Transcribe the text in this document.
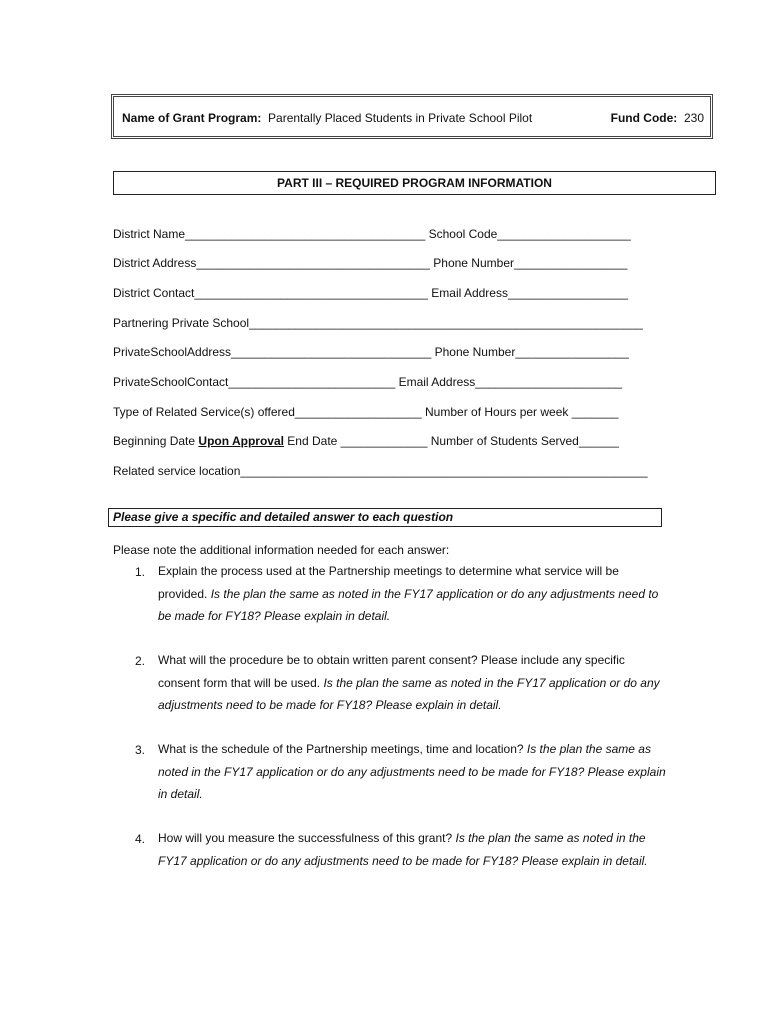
Name of Grant Program: Parentally Placed Students in Private School Pilot	Fund Code: 230
PART III – REQUIRED PROGRAM INFORMATION
District Name____________________________________ School Code____________________
District Address___________________________________ Phone Number_________________
District Contact___________________________________ Email Address__________________
Partnering Private School___________________________________________________________
PrivateSchoolAddress______________________________ Phone Number_________________
PrivateSchoolContact_________________________ Email Address______________________
Type of Related Service(s) offered___________________ Number of Hours per week _______
Beginning Date Upon Approval End Date _____________ Number of Students Served______
Related service location_____________________________________________________________
Please give a specific and detailed answer to each question
Please note the additional information needed for each answer:
1. Explain the process used at the Partnership meetings to determine what service will be provided. Is the plan the same as noted in the FY17 application or do any adjustments need to be made for FY18? Please explain in detail.
2. What will the procedure be to obtain written parent consent? Please include any specific consent form that will be used. Is the plan the same as noted in the FY17 application or do any adjustments need to be made for FY18? Please explain in detail.
3. What is the schedule of the Partnership meetings, time and location? Is the plan the same as noted in the FY17 application or do any adjustments need to be made for FY18? Please explain in detail.
4. How will you measure the successfulness of this grant? Is the plan the same as noted in the FY17 application or do any adjustments need to be made for FY18? Please explain in detail.
